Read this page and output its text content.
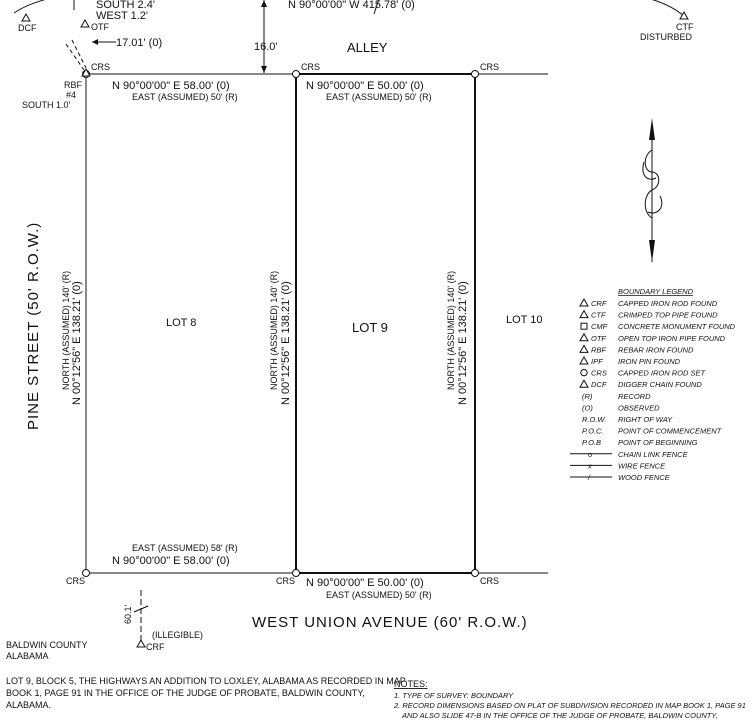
SOUTH 2.4'
WEST 1.2'
N 90°00'00" W 415.78' (0)
DCF	OTF
17.01' (0)
CTF
DISTURBED
16.0'	ALLEY
CRS	CRS	CRS
CRS	CRS	CRS
RBF
#4
SOUTH 1.0'
N 90°00'00" E 58.00' (0)
EAST (ASSUMED) 50' (R)
LOT 8
NORTH (ASSUMED) 140' (R) N 00°12'56" E 138.21' (0)
EAST (ASSUMED) 58' (R)
N 90°00'00" E 58.00' (0)
N 90°00'00" E 50.00' (0)
EAST (ASSUMED) 50' (R)
LOT 9
NORTH (ASSUMED) 140' (R) N 00°12'56" E 138.21' (0)	NORTH (ASSUMED) 140' (R) N 00°12'56" E 138.21' (0)
N 90°00'00" E 50.00' (0)
EAST (ASSUMED) 50' (R)
LOT 10
PINE STREET (50' R.O.W.)
WEST UNION AVENUE (60' R.O.W.)
60.1'
(ILLEGIBLE)
CRF
BOUNDARY LEGEND
CRF CAPPED IRON ROD FOUND
CTF CRIMPED TOP PIPE FOUND
CMF CONCRETE MONUMENT FOUND
OTF OPEN TOP IRON PIPE FOUND
RBF REBAR IRON FOUND
IPF IRON PIN FOUND
CRS CAPPED IRON ROD SET
DCF DIGGER CHAIN FOUND
(R)	RECORD
(O)	OBSERVED
R.O.W. RIGHT OF WAY
P.O.C. POINT OF COMMENCEMENT
P.O.B POINT OF BEGINNING
o	CHAIN LINK FENCE
x	WIRE FENCE
/	WOOD FENCE
BALDWIN COUNTY
ALABAMA
LOT 9, BLOCK 5, THE HIGHWAYS AN ADDITION TO LOXLEY, ALABAMA AS RECORDED IN MAP
BOOK 1, PAGE 91 IN THE OFFICE OF THE JUDGE OF PROBATE, BALDWIN COUNTY,
ALABAMA.
NOTES:
1. TYPE OF SURVEY: BOUNDARY
2. RECORD DIMENSIONS BASED ON PLAT OF SUBDIVISION RECORDED IN MAP BOOK 1, PAGE 91
AND ALSO SLIDE 47-B IN THE OFFICE OF THE JUDGE OF PROBATE, BALDWIN COUNTY,
